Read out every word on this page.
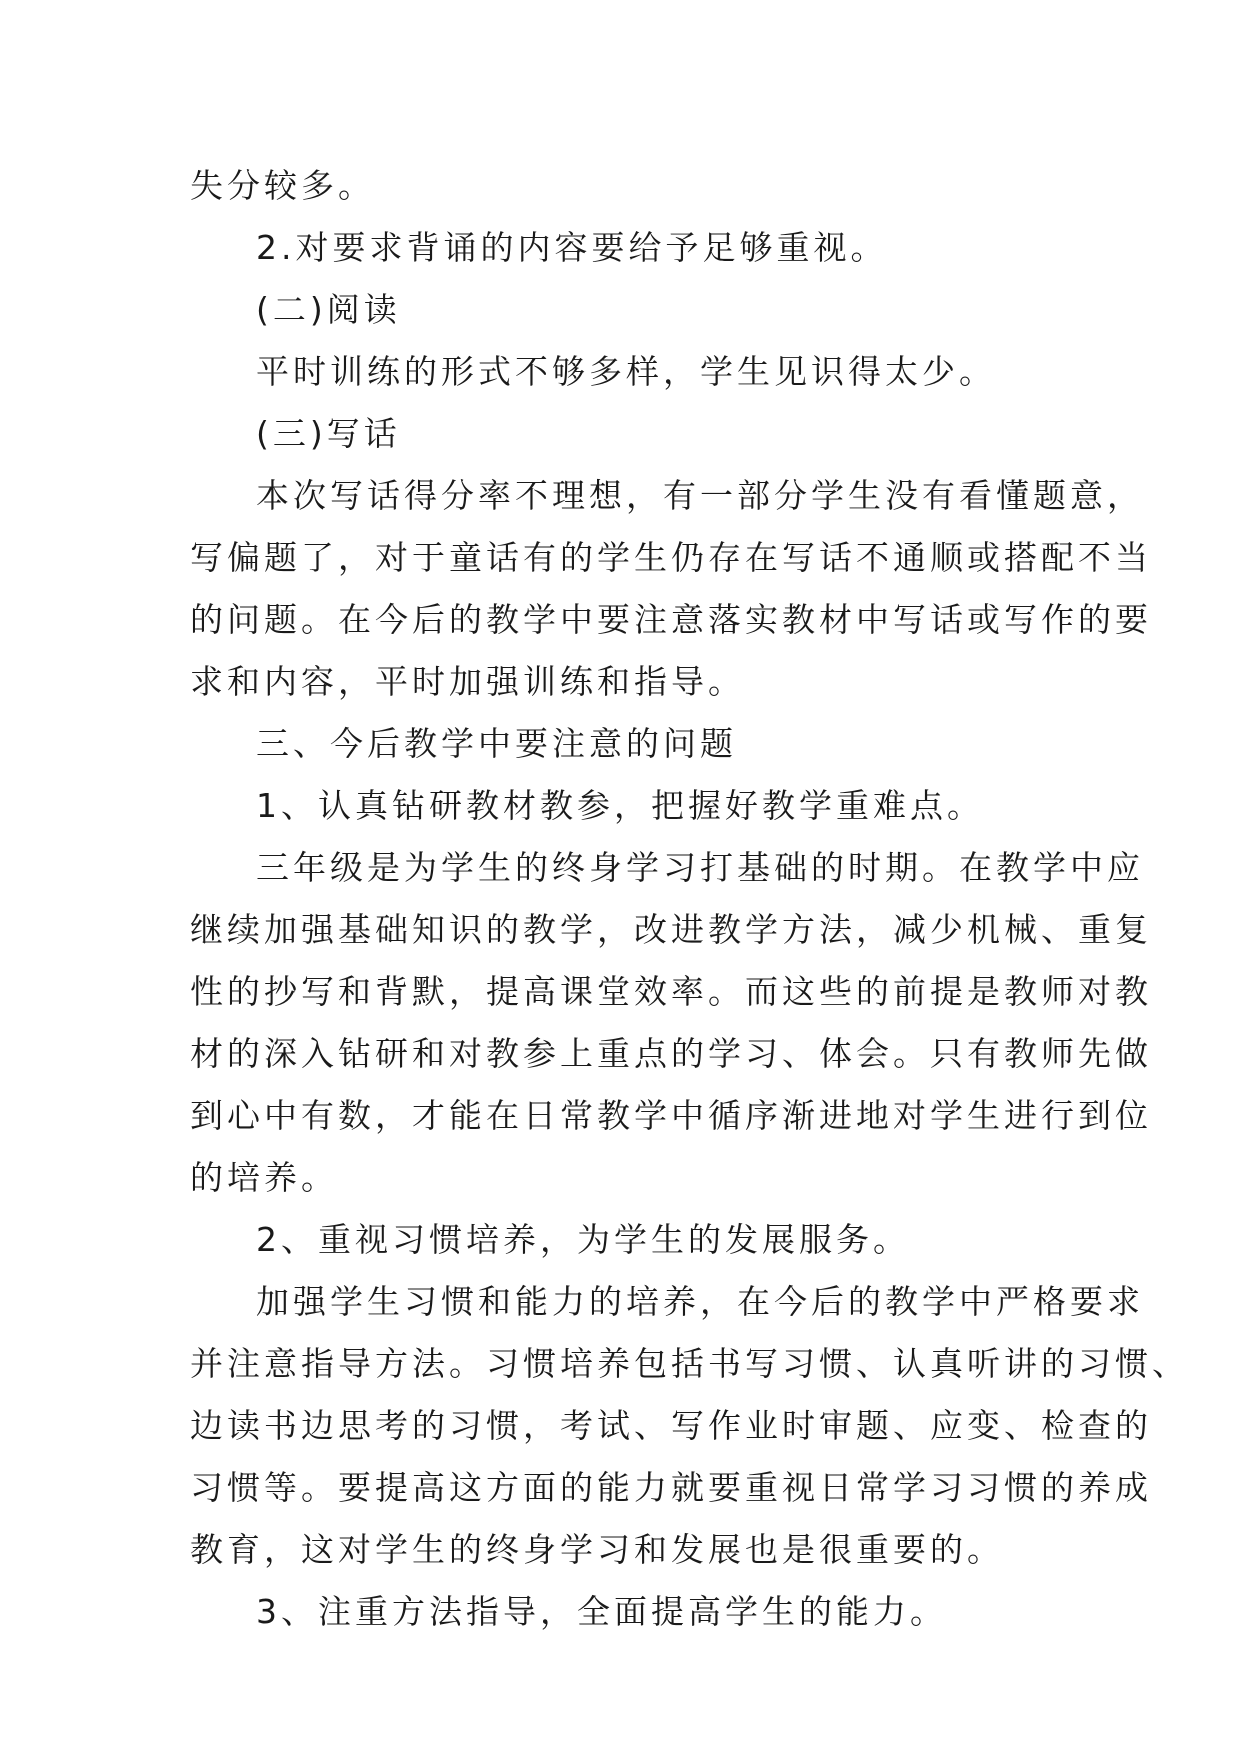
失分较多。
2.对要求背诵的内容要给予足够重视。
(二)阅读
平时训练的形式不够多样，学生见识得太少。
(三)写话
本次写话得分率不理想，有一部分学生没有看懂题意，
写偏题了，对于童话有的学生仍存在写话不通顺或搭配不当
的问题。在今后的教学中要注意落实教材中写话或写作的要
求和内容，平时加强训练和指导。
三、今后教学中要注意的问题
1、认真钻研教材教参，把握好教学重难点。
三年级是为学生的终身学习打基础的时期。在教学中应
继续加强基础知识的教学，改进教学方法，减少机械、重复
性的抄写和背默，提高课堂效率。而这些的前提是教师对教
材的深入钻研和对教参上重点的学习、体会。只有教师先做
到心中有数，才能在日常教学中循序渐进地对学生进行到位
的培养。
2、重视习惯培养，为学生的发展服务。
加强学生习惯和能力的培养，在今后的教学中严格要求
并注意指导方法。习惯培养包括书写习惯、认真听讲的习惯、
边读书边思考的习惯，考试、写作业时审题、应变、检查的
习惯等。要提高这方面的能力就要重视日常学习习惯的养成
教育，这对学生的终身学习和发展也是很重要的。
3、注重方法指导，全面提高学生的能力。
